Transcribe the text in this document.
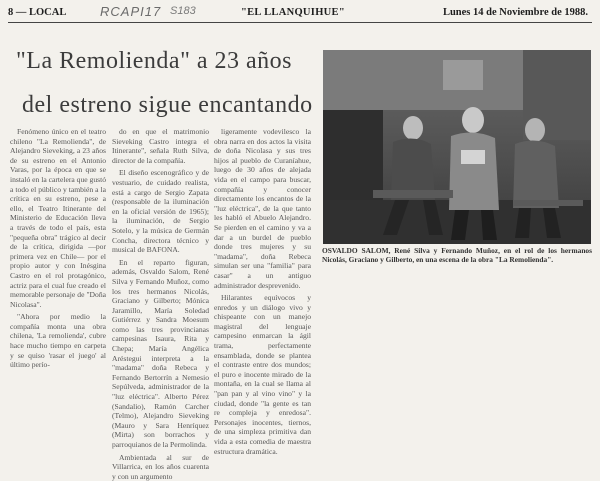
8 — LOCAL	RCAPI17 S183	"EL LLANQUIHUE"	Lunes 14 de Noviembre de 1988.
"La Remolienda" a 23 años
del estreno sigue encantando

Fenómeno único en el teatro chileno "La Remolienda", de Alejandro Sieveking, a 23 años de su estreno en el Antonio Varas, por la época en que se instaló en la cartelera que gustó a todo el público y también a la crítica en su estreno, pese a ello, el Teatro Itinerante del Ministerio de Educación lleva a través de todo el país, esta "pequeña obra" trágico al decir de la crítica, dirigida —por primera vez en Chile— por el propio autor y con Inésgina Castro en el rol protagónico, actriz para el cual fue creado el memorable personaje de "Doña Nicolasa".

"Ahora por medio la compañía monta una obra chilena, 'La remolienda', cubre hace mucho tiempo en carpeta y se quiso 'rasar el juego' al último perío-

do en que el matrimonio Sieveking Castro integra el Itinerante", señala Ruth Silva, director de la compañía.

El diseño escenográfico y de vestuario, de cuidado realista, está a cargo de Sergio Zapata (responsable de la iluminación en la oficial versión de 1965); la iluminación, de Sergio Sotelo, y la música de Germán Concha, directora técnico y musical de BAFONA.

En el reparto figuran, además, Osvaldo Salom, René Silva y Fernando Muñoz, como los tres hermanos Nicolás, Graciano y Gilberto; Mónica Jaramillo, María Soledad Gutiérrez y Sandra Moesum como las tres provincianas campesinas Isaura, Rita y Chepa; María Angélica Aréstegui interpreta a la "madama" doña Rebeca y Fernando Bertorrín a Nemesio Sepúlveda, administrador de la "luz eléctrica". Alberto Pérez (Sandalio), Ramón Carcher (Telmo), Alejandro Sieveking (Mauro y Sara Henríquez (Mirta) son borrachos y parroquianos de la Permolinda.

Ambientada al sur de Villarrica, en los años cuarenta y con un argumento

ligeramente vodevilesco la obra narra en dos actos la visita de doña Nicolasa y sus tres hijos al pueblo de Curaníahue, luego de 30 años de alejada vida en el campo para buscar, compañía y conocer directamente los encantos de la "luz eléctrica", de la que tanto les habló el Abuelo Alejandro. Se pierden en el camino y va a dar a un burdel de pueblo donde tres mujeres y su "madama", doña Rebeca simulan ser una "familia" para casar" a un antiguo administrador desprevenido.

Hilarantes equívocos y enredos y un diálogo vivo y chispeante con un manejo magistral del lenguaje campesino enmarcan la ágil trama, perfectamente ensamblada, donde se plantea el contraste entre dos mundos; el puro e inocente mirado de la montaña, en la cual se llama al "pan pan y al vino vino" y la ciudad, donde "la gente es tan re compleja y enredosa". Personajes inocentes, tiernos, de una simpleza primitiva dan vida a esta comedia de maestra estructura dramática.

OSVALDO SALOM, René Silva y Fernando Muñoz, en el rol de los hermanos Nicolás, Graciano y Gilberto, en una escena de la obra "La Remolienda".
